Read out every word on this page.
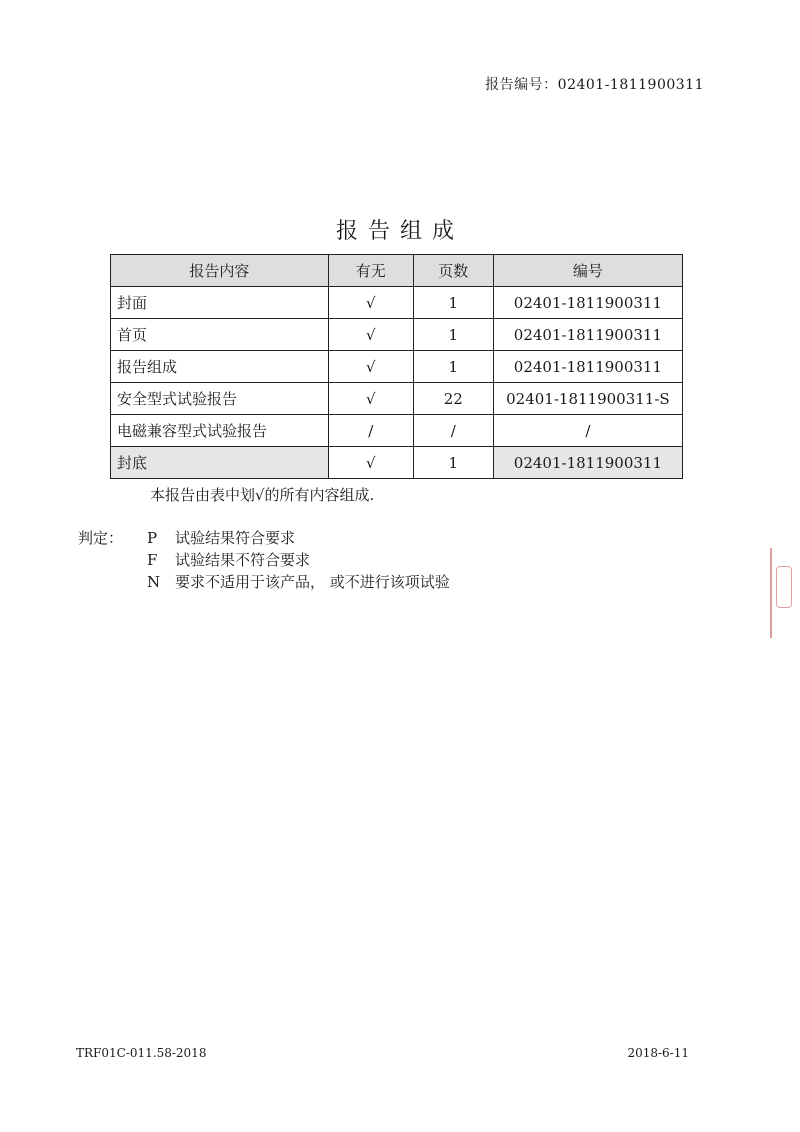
报告编号：02401-1811900311
报告组成
报告内容	有无	页数	编号
封面	√	1	02401-1811900311
首页	√	1	02401-1811900311
报告组成	√	1	02401-1811900311
安全型式试验报告	√	22	02401-1811900311-S
电磁兼容型式试验报告	/	/	/
封底	√	1	02401-1811900311
本报告由表中划√的所有内容组成.
判定： P	试验结果符合要求
F	试验结果不符合要求
N 要求不适用于该产品， 或不进行该项试验
TRF01C-011.58-2018	2018-6-11
